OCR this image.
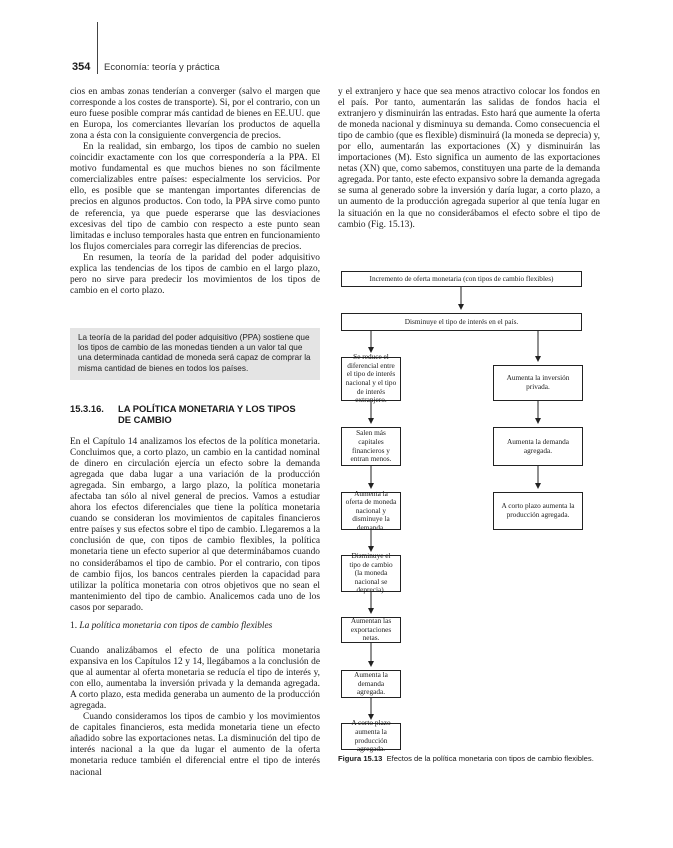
354 Economía: teoría y práctica

cios en ambas zonas tenderían a converger (salvo el margen que corresponde a los costes de transporte). Si, por el contrario, con un euro fuese posible comprar más cantidad de bienes en EE.UU. que en Europa, los comerciantes llevarían los productos de aquella zona a ésta con la consiguiente convergencia de precios.

En la realidad, sin embargo, los tipos de cambio no suelen coincidir exactamente con los que correspondería a la PPA. El motivo fundamental es que muchos bienes no son fácilmente comercializables entre países: especialmente los servicios. Por ello, es posible que se mantengan importantes diferencias de precios en algunos productos. Con todo, la PPA sirve como punto de referencia, ya que puede esperarse que las desviaciones excesivas del tipo de cambio con respecto a este punto sean limitadas e incluso temporales hasta que entren en funcionamiento los flujos comerciales para corregir las diferencias de precios.

En resumen, la teoría de la paridad del poder adquisitivo explica las tendencias de los tipos de cambio en el largo plazo, pero no sirve para predecir los movimientos de los tipos de cambio en el corto plazo.

La teoría de la paridad del poder adquisitivo (PPA) sostiene que los tipos de cambio de las monedas tienden a un valor tal que una determinada cantidad de moneda será capaz de comprar la misma cantidad de bienes en todos los países.
15.3.16. LA POLÍTICA MONETARIA Y LOS TIPOS
DE CAMBIO

En el Capítulo 14 analizamos los efectos de la política monetaria. Concluimos que, a corto plazo, un cambio en la cantidad nominal de dinero en circulación ejercía un efecto sobre la demanda agregada que daba lugar a una variación de la producción agregada. Sin embargo, a largo plazo, la política monetaria afectaba tan sólo al nivel general de precios. Vamos a estudiar ahora los efectos diferenciales que tiene la política monetaria cuando se consideran los movimientos de capitales financieros entre países y sus efectos sobre el tipo de cambio. Llegaremos a la conclusión de que, con tipos de cambio flexibles, la política monetaria tiene un efecto superior al que determinábamos cuando no considerábamos el tipo de cambio. Por el contrario, con tipos de cambio fijos, los bancos centrales pierden la capacidad para utilizar la política monetaria con otros objetivos que no sean el mantenimiento del tipo de cambio. Analicemos cada uno de los casos por separado.

1. La política monetaria con tipos de cambio flexibles

Cuando analizábamos el efecto de una política monetaria expansiva en los Capítulos 12 y 14, llegábamos a la conclusión de que al aumentar al oferta monetaria se reducía el tipo de interés y, con ello, aumentaba la inversión privada y la demanda agregada. A corto plazo, esta medida generaba un aumento de la producción agregada.

Cuando consideramos los tipos de cambio y los movimientos de capitales financieros, esta medida monetaria tiene un efecto añadido sobre las exportaciones netas. La disminución del tipo de interés nacional a la que da lugar el aumento de la oferta monetaria reduce también el diferencial entre el tipo de interés nacional

y el extranjero y hace que sea menos atractivo colocar los fondos en el país. Por tanto, aumentarán las salidas de fondos hacia el extranjero y disminuirán las entradas. Esto hará que aumente la oferta de moneda nacional y disminuya su demanda. Como consecuencia el tipo de cambio (que es flexible) disminuirá (la moneda se deprecia) y, por ello, aumentarán las exportaciones (X) y disminuirán las importaciones (M). Esto significa un aumento de las exportaciones netas (XN) que, como sabemos, constituyen una parte de la demanda agregada. Por tanto, este efecto expansivo sobre la demanda agregada se suma al generado sobre la inversión y daría lugar, a corto plazo, a un aumento de la producción agregada superior al que tenía lugar en la situación en la que no considerábamos el efecto sobre el tipo de cambio (Fig. 15.13).

Incremento de oferta monetaria (con tipos de cambio flexibles)
Disminuye el tipo de interés en el país.
Se reduce el diferencial entre el tipo de interés nacional y el tipo de interés extranjero.
Salen más capitales financieros y entran menos.
Aumenta la oferta de moneda nacional y disminuye la demanda.
Disminuye el tipo de cambio (la moneda nacional se deprecia).
Aumentan las exportaciones netas.
Aumenta la demanda agregada.
A corto plazo aumenta la producción agregada.
Aumenta la inversión privada.
Aumenta la demanda agregada.
A corto plazo aumenta la producción agregada.
Figura 15.13 Efectos de la política monetaria con tipos de cambio flexibles.
